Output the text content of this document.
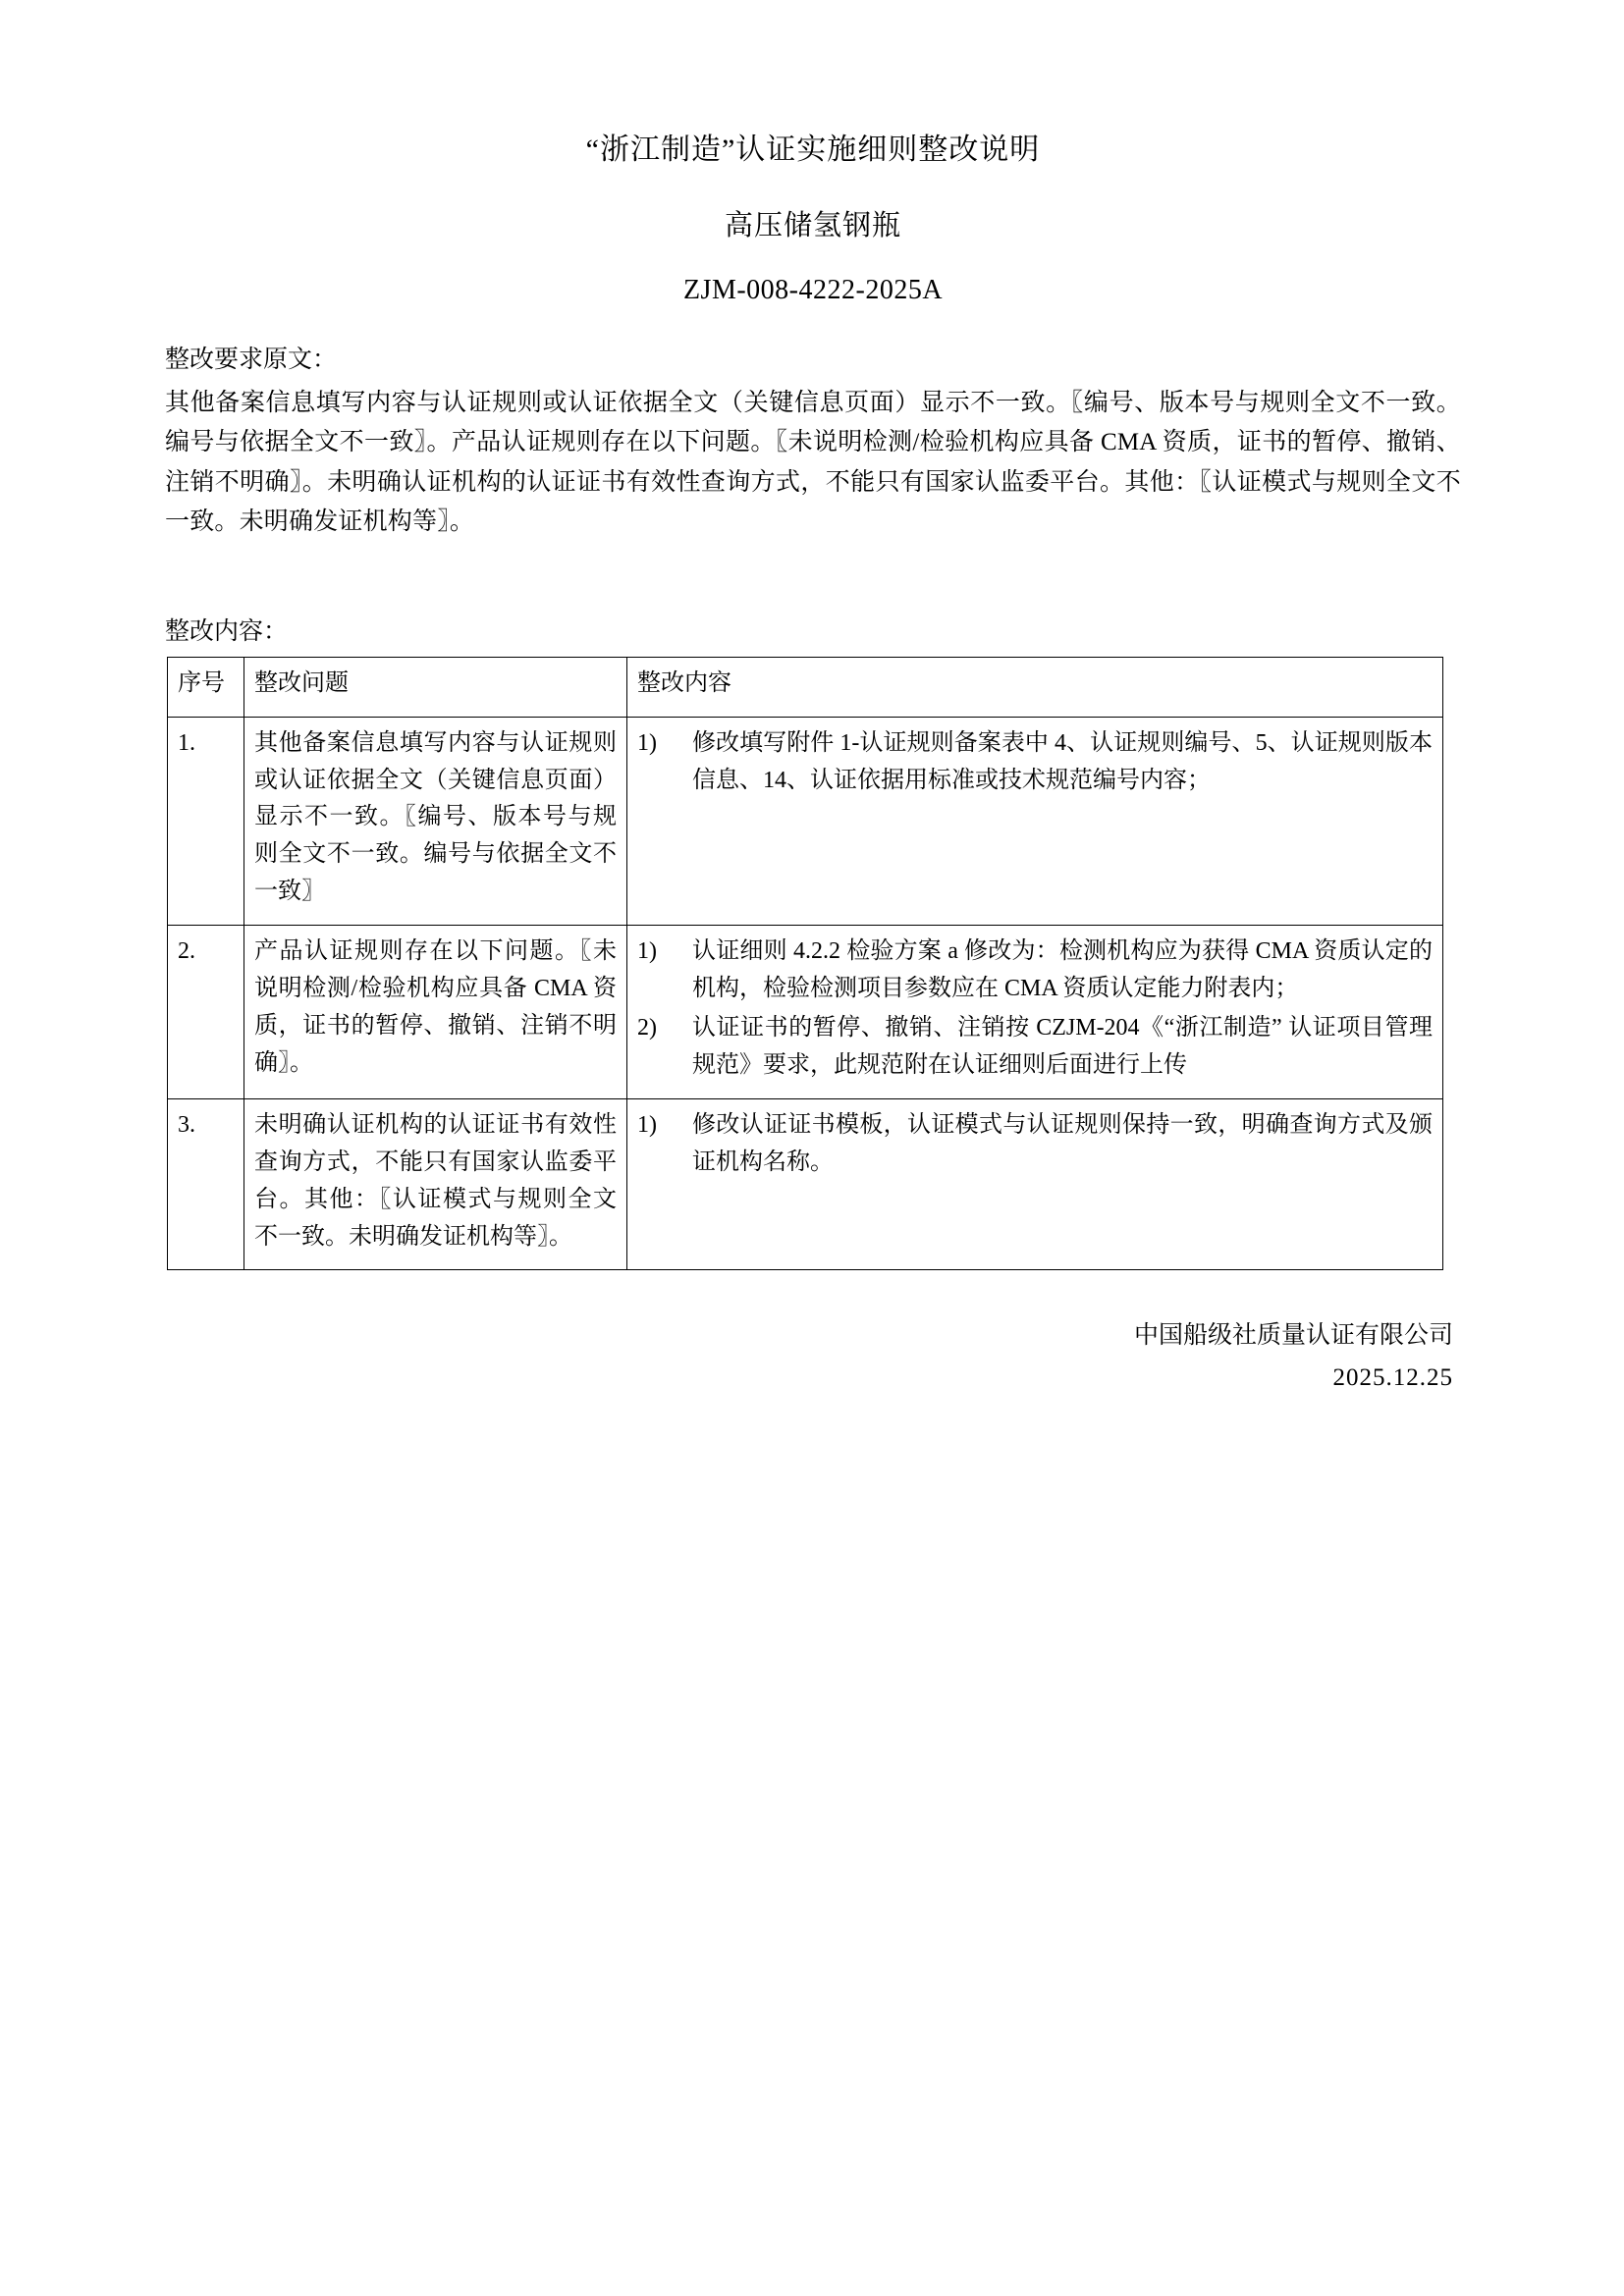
“浙江制造”认证实施细则整改说明
高压储氢钢瓶
ZJM-008-4222-2025A
整改要求原文：
其他备案信息填写内容与认证规则或认证依据全文（关键信息页面）显示不一致。〖编号、版本号与规则全文不一致。编号与依据全文不一致〗。产品认证规则存在以下问题。〖未说明检测/检验机构应具备 CMA 资质，证书的暂停、撤销、注销不明确〗。未明确认证机构的认证证书有效性查询方式，不能只有国家认监委平台。其他：〖认证模式与规则全文不一致。未明确发证机构等〗。
整改内容：
序号	整改问题	整改内容
1.	其他备案信息填写内容与认证规则或认证依据全文（关键信息页面）显示不一致。〖编号、版本号与规则全文不一致。编号与依据全文不一致〗	1) 修改填写附件 1-认证规则备案表中 4、认证规则编号、5、认证规则版本信息、14、认证依据用标准或技术规范编号内容；

2.	产品认证规则存在以下问题。〖未说明检测/检验机构应具备 CMA 资质，证书的暂停、撤销、注销不明确〗。	1) 认证细则 4.2.2 检验方案 a 修改为：检测机构应为获得 CMA 资质认定的机构，检验检测项目参数应在 CMA 资质认定能力附表内；
2) 认证证书的暂停、撤销、注销按 CZJM-204《“浙江制造” 认证项目管理规范》要求，此规范附在认证细则后面进行上传

3.	未明确认证机构的认证证书有效性查询方式，不能只有国家认监委平台。其他：〖认证模式与规则全文不一致。未明确发证机构等〗。	1) 修改认证证书模板，认证模式与认证规则保持一致，明确查询方式及颁证机构名称。
中国船级社质量认证有限公司
2025.12.25
